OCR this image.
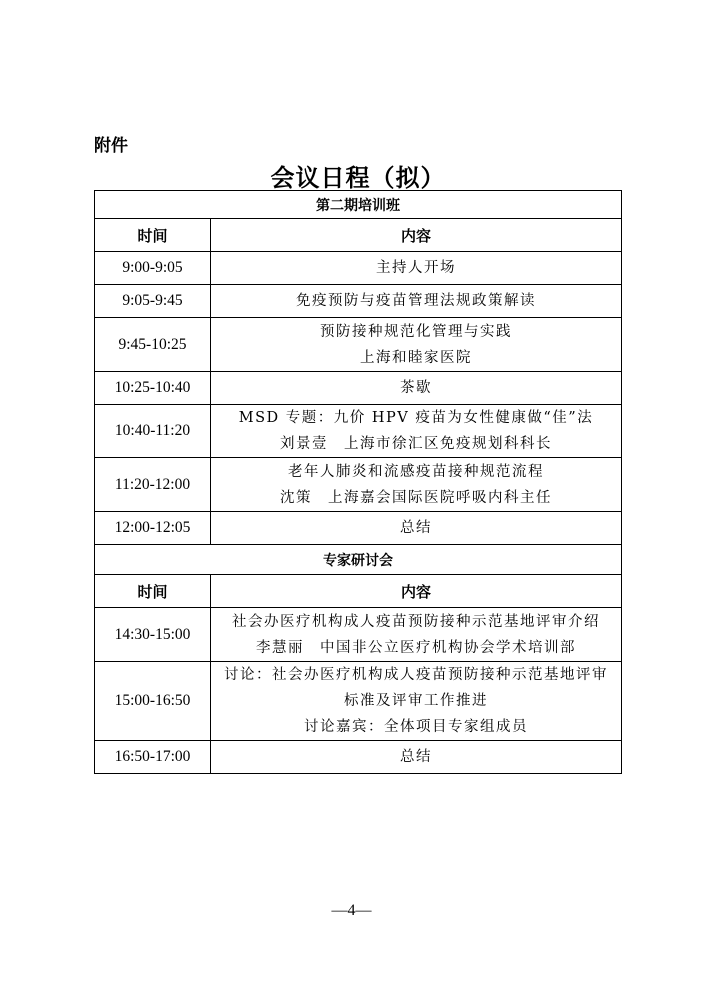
附件
会议日程（拟）
第二期培训班	
时间	内容
9:00-9:05	主持人开场

9:05-9:45	免疫预防与疫苗管理法规政策解读

9:45-10:25	预防接种规范化管理与实践
上海和睦家医院

10:25-10:40	茶歇

10:40-11:20	MSD 专题：九价 HPV 疫苗为女性健康做“佳”法
刘景壹　上海市徐汇区免疫规划科科长

11:20-12:00	老年人肺炎和流感疫苗接种规范流程
沈策　上海嘉会国际医院呼吸内科主任

12:00-12:05	总结

专家研讨会	
时间	内容
14:30-15:00	社会办医疗机构成人疫苗预防接种示范基地评审介绍
李慧丽　中国非公立医疗机构协会学术培训部

15:00-16:50	讨论：社会办医疗机构成人疫苗预防接种示范基地评审
标准及评审工作推进
讨论嘉宾：全体项目专家组成员

16:50-17:00	总结
—4—
